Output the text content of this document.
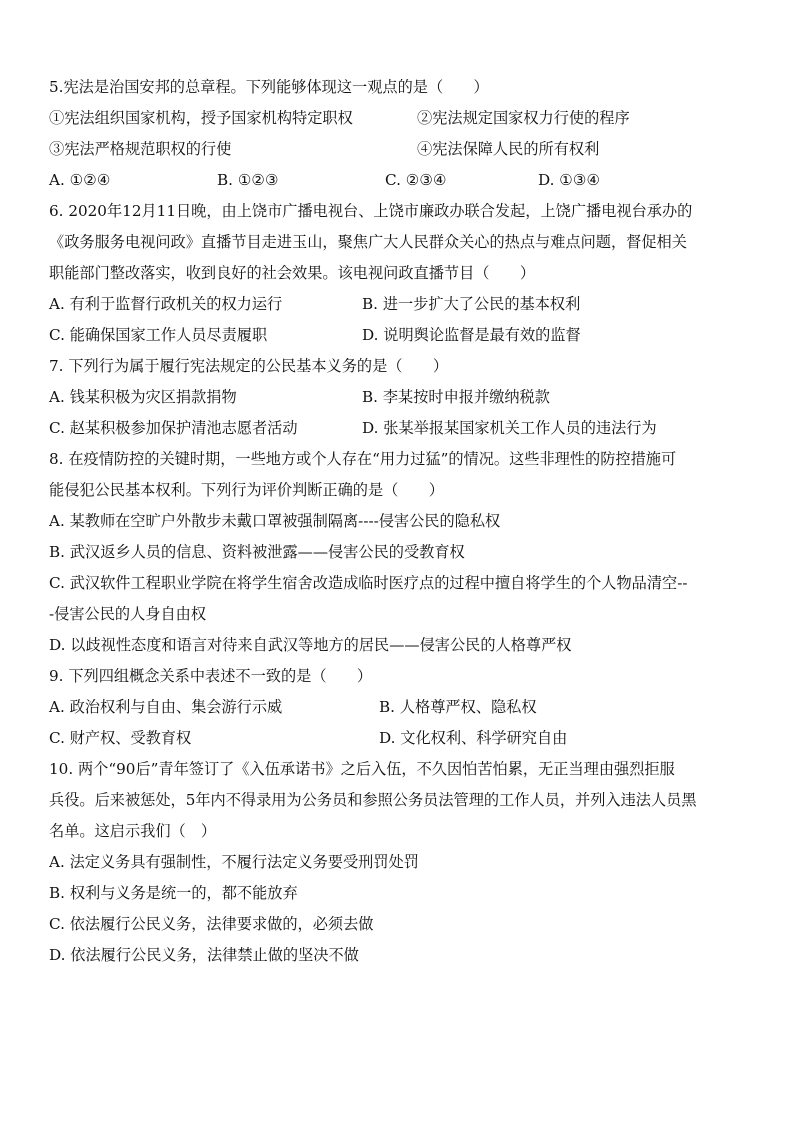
5.宪法是治国安邦的总章程。下列能够体现这一观点的是（　　）
①宪法组织国家机构，授予国家机构特定职权	②宪法规定国家权力行使的程序
③宪法严格规范职权的行使	④宪法保障人民的所有权利
A. ①②④	B. ①②③	C. ②③④	D. ①③④
6. 2020年12月11日晚，由上饶市广播电视台、上饶市廉政办联合发起，上饶广播电视台承办的
《政务服务电视问政》直播节目走进玉山，聚焦广大人民群众关心的热点与难点问题，督促相关
职能部门整改落实，收到良好的社会效果。该电视问政直播节目（　　）
A. 有利于监督行政机关的权力运行	B. 进一步扩大了公民的基本权利
C. 能确保国家工作人员尽责履职	D. 说明舆论监督是最有效的监督
7. 下列行为属于履行宪法规定的公民基本义务的是（　　）
A. 钱某积极为灾区捐款捐物	B. 李某按时申报并缴纳税款
C. 赵某积极参加保护清池志愿者活动	D. 张某举报某国家机关工作人员的违法行为
8. 在疫情防控的关键时期，一些地方或个人存在“用力过猛”的情况。这些非理性的防控措施可
能侵犯公民基本权利。下列行为评价判断正确的是（　　）
A. 某教师在空旷户外散步未戴口罩被强制隔离----侵害公民的隐私权
B. 武汉返乡人员的信息、资料被泄露——侵害公民的受教育权
C. 武汉软件工程职业学院在将学生宿舍改造成临时医疗点的过程中擅自将学生的个人物品清空--
-侵害公民的人身自由权
D. 以歧视性态度和语言对待来自武汉等地方的居民——侵害公民的人格尊严权
9. 下列四组概念关系中表述不一致的是（　　）
A. 政治权利与自由、集会游行示威	B. 人格尊严权、隐私权
C. 财产权、受教育权	D. 文化权利、科学研究自由
10. 两个“90后”青年签订了《入伍承诺书》之后入伍，不久因怕苦怕累，无正当理由强烈拒服
兵役。后来被惩处，5年内不得录用为公务员和参照公务员法管理的工作人员，并列入违法人员黑
名单。这启示我们（　）
A. 法定义务具有强制性，不履行法定义务要受刑罚处罚
B. 权利与义务是统一的，都不能放弃
C. 依法履行公民义务，法律要求做的，必须去做
D. 依法履行公民义务，法律禁止做的坚决不做
